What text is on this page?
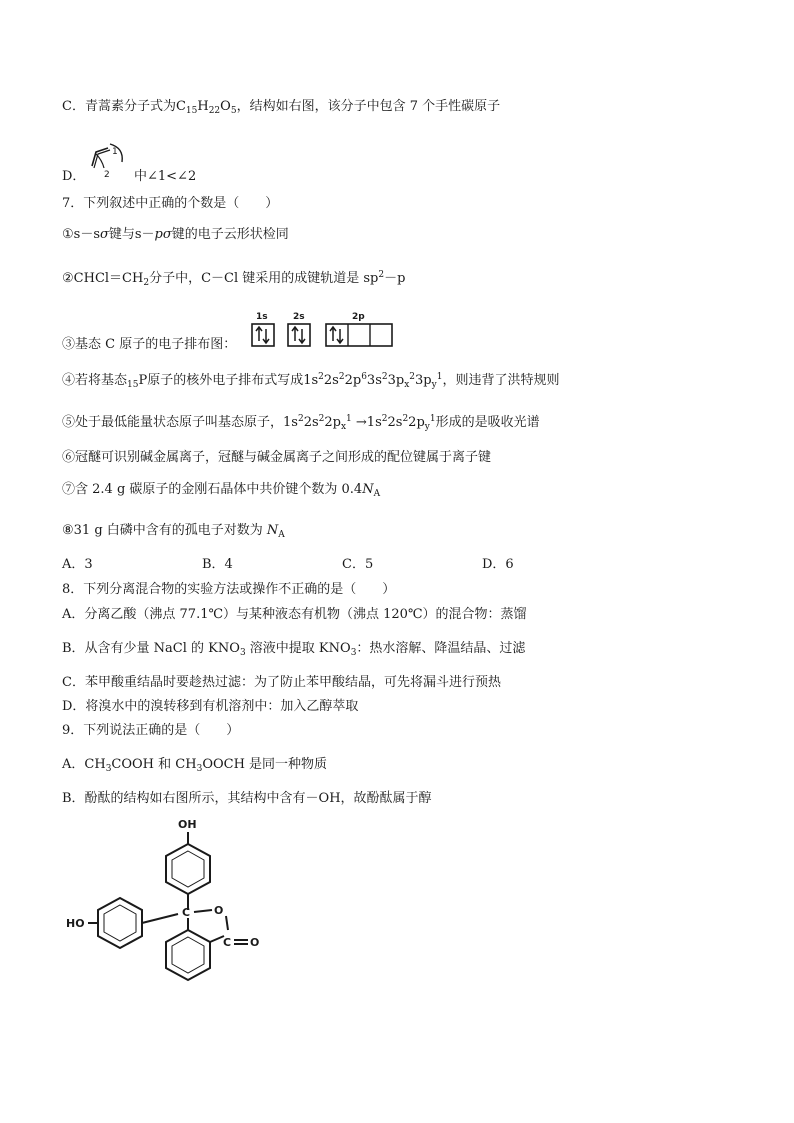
C．青蒿素分子式为$C_{15}H_{22}O_5$，结构如右图，该分子中包含 7 个手性碳原子
D．
1
2 中∠1<∠2
7．下列叙述中正确的个数是（　　）
①s－sσ键与s－pσ键的电子云形状检同
$②CHCl=CH_2$分子中，C－Cl 键采用的成键轨道是 $sp^2-p$
③基态 C 原子的电子排布图：
1s	2s	2p
④若将基态$_{15}$P原子的核外电子排布式写成$1s^22s^22p^63s^23p_x^23p_y^1$，则违背了洪特规则
⑤处于最低能量状态原子叫基态原子，$1s^22s^22p_x^1 \to 1s^22s^22p_y^1$形成的是吸收光谱
⑥冠醚可识别碱金属离子，冠醚与碱金属离子之间形成的配位键属于离子键
⑦含 2.4 g 碳原子的金刚石晶体中共价键个数为 $0.4N_A$
⑧31 g 白磷中含有的孤电子对数为 $N_A$
A．3	B．4	C．5	D．6
8．下列分离混合物的实验方法或操作不正确的是（　　）
A．分离乙酸（沸点 77.1℃）与某种液态有机物（沸点 120℃）的混合物：蒸馏
B．从含有少量 NaCl 的 $KNO_3$ 溶液中提取 $KNO_3$：热水溶解、降温结晶、过滤
C．苯甲酸重结晶时要趁热过滤：为了防止苯甲酸结晶，可先将漏斗进行预热
D．将溴水中的溴转移到有机溶剂中：加入乙醇萃取
9．下列说法正确的是（　　）
A．$CH_3COOH$ 和 $CH_3OOCH$ 是同一种物质
B．酚酞的结构如右图所示，其结构中含有－OH，故酚酞属于醇
OH
HO
C O
C O
